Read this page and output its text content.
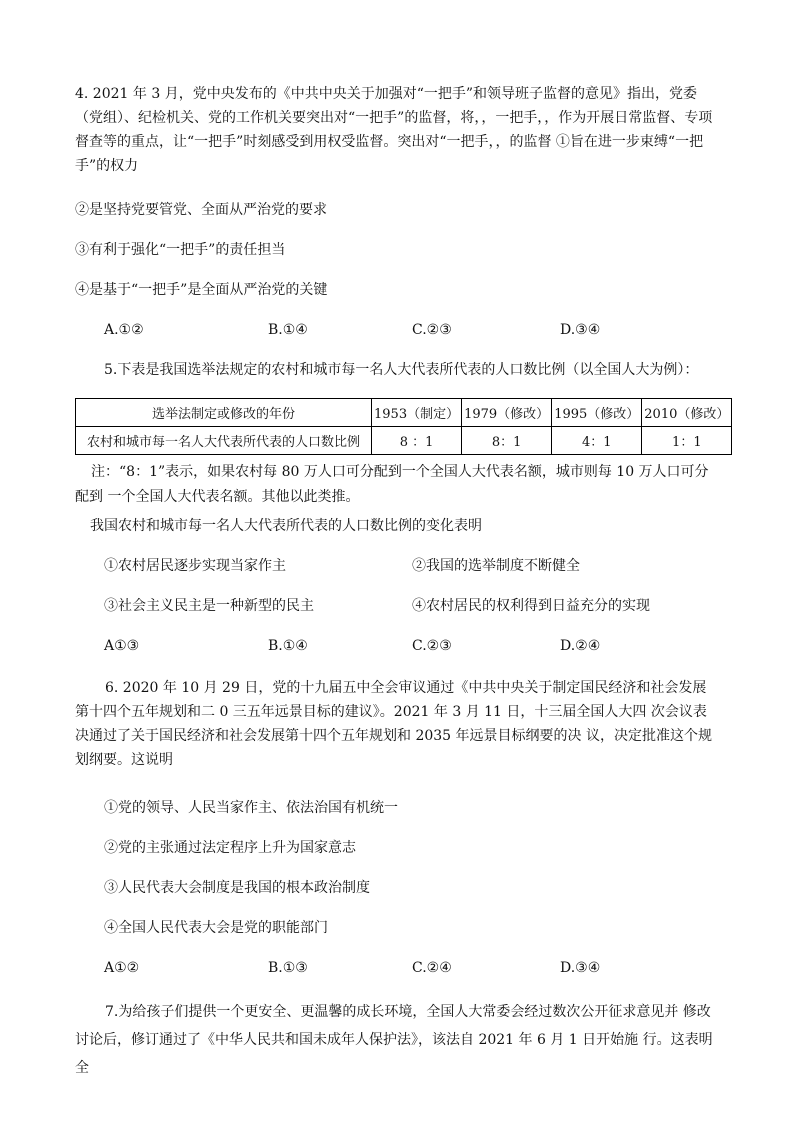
4. 2021 年 3 月，党中央发布的《中共中央关于加强对“一把手”和领导班子监督的意见》指出，党委（党组）、纪检机关、党的工作机关要突出对“一把手”的监督，将，，一把手，，作为开展日常监督、专项督查等的重点，让“一把手”时刻感受到用权受监督。突出对“一把手，，的监督 ①旨在进一步束缚“一把手”的权力

②是坚持党要管党、全面从严治党的要求

③有利于强化“一把手”的责任担当

④是基于“一把手”是全面从严治党的关键

A.①②	B.①④	C.②③	D.③④

5.下表是我国选举法规定的农村和城市每一名人大代表所代表的人口数比例（以全国人大为例）：

选举法制定或修改的年份	1953（制定）	1979（修改）	1995（修改）	2010（修改）
农村和城市每一名人大代表所代表的人口数比例	8 ：1	8：1	4：1	1：1

注：“8：1”表示，如果农村每 80 万人口可分配到一个全国人大代表名额，城市则每 10 万人口可分配到 一个全国人大代表名额。其他以此类推。

我国农村和城市每一名人大代表所代表的人口数比例的变化表明

①农村居民逐步实现当家作主	②我国的选举制度不断健全
③社会主义民主是一种新型的民主	④农村居民的权利得到日益充分的实现
A①③	B.①④	C.②③	D.②④

6. 2020 年 10 月 29 日，党的十九届五中全会审议通过《中共中央关于制定国民经济和社会发展 第十四个五年规划和二 0 三五年远景目标的建议》。2021 年 3 月 11 日，十三届全国人大四 次会议表决通过了关于国民经济和社会发展第十四个五年规划和 2035 年远景目标纲要的决 议，决定批准这个规划纲要。这说明

①党的领导、人民当家作主、依法治国有机统一

②党的主张通过法定程序上升为国家意志

③人民代表大会制度是我国的根本政治制度

④全国人民代表大会是党的职能部门

A①②	B.①③	C.②④	D.③④

7.为给孩子们提供一个更安全、更温馨的成长环境，全国人大常委会经过数次公开征求意见并 修改讨论后，修订通过了《中华人民共和国未成年人保护法》，该法自 2021 年 6 月 1 日开始施 行。这表明全
